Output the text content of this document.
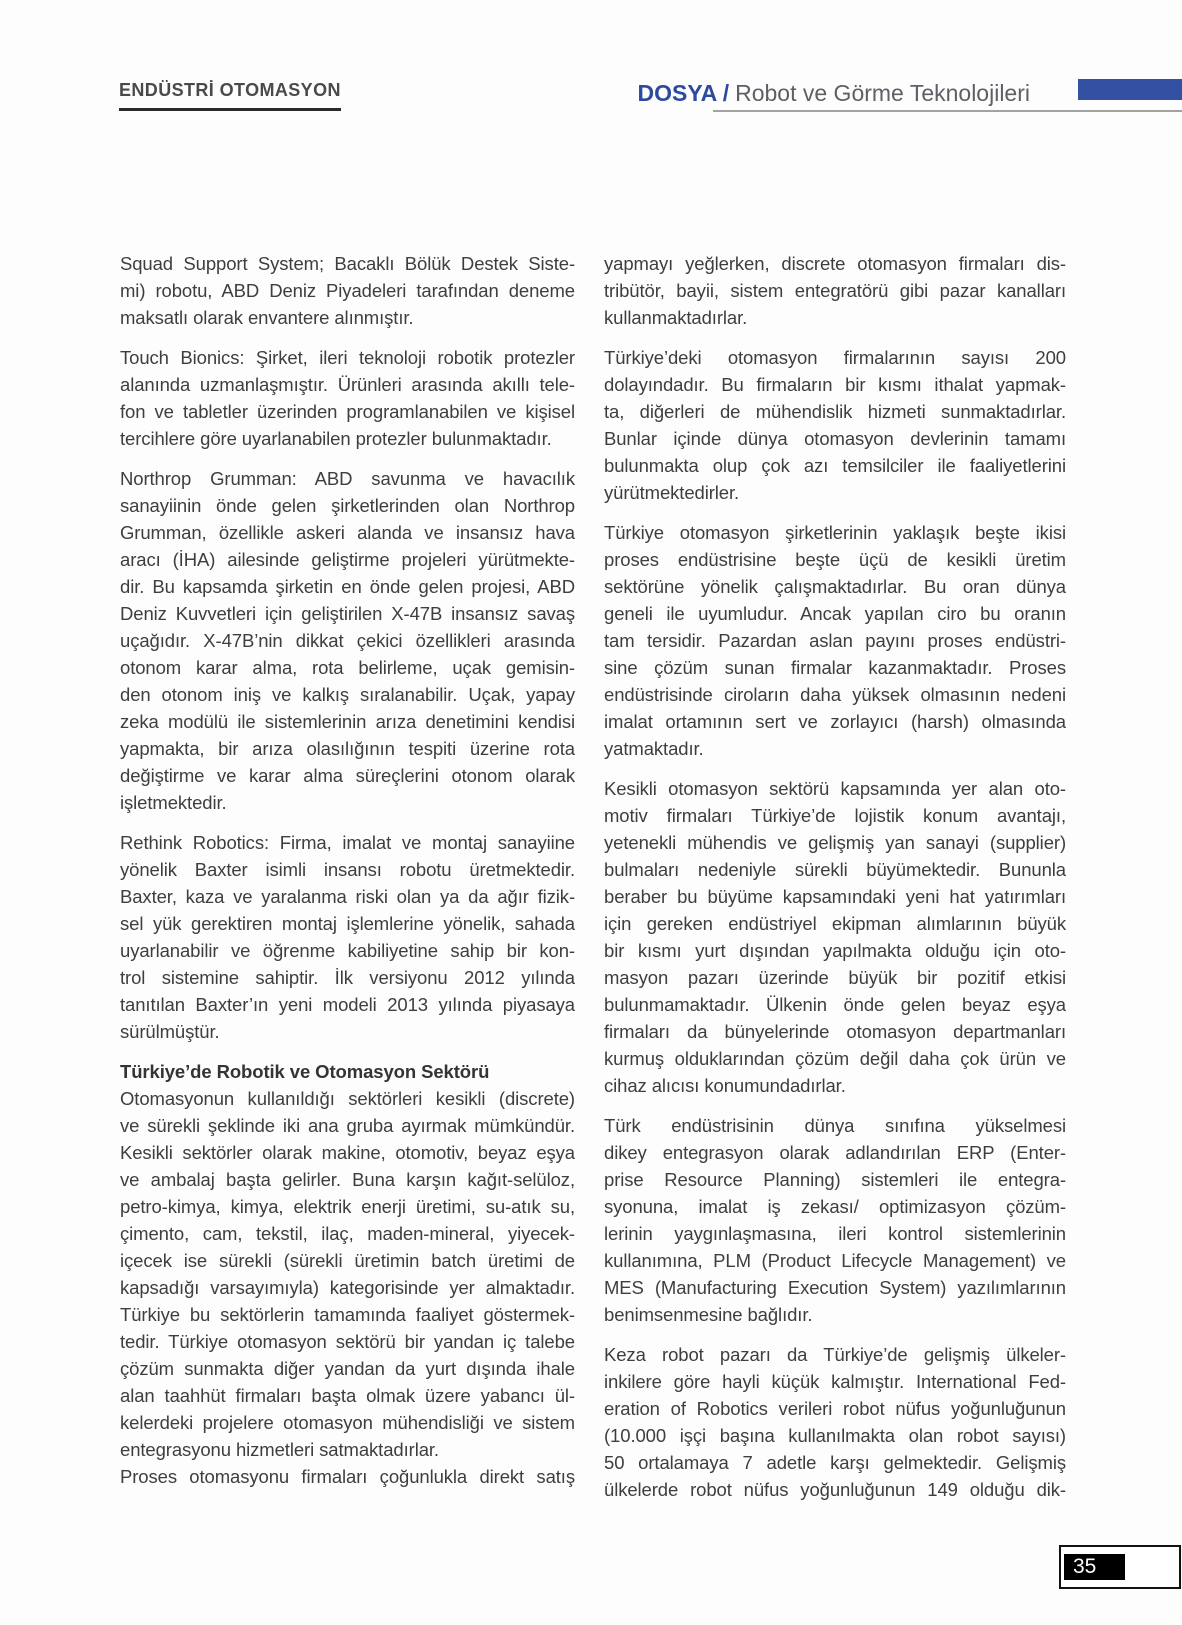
ENDÜSTRİ OTOMASYON	DOSYA / Robot ve Görme Teknolojileri
Squad Support System; Bacaklı Bölük Destek Siste-
mi) robotu, ABD Deniz Piyadeleri tarafından deneme
maksatlı olarak envantere alınmıştır.
Touch Bionics: Şirket, ileri teknoloji robotik protezler
alanında uzmanlaşmıştır. Ürünleri arasında akıllı tele-
fon ve tabletler üzerinden programlanabilen ve kişisel
tercihlere göre uyarlanabilen protezler bulunmaktadır.
Northrop Grumman: ABD savunma ve havacılık
sanayiinin önde gelen şirketlerinden olan Northrop
Grumman, özellikle askeri alanda ve insansız hava
aracı (İHA) ailesinde geliştirme projeleri yürütmekte-
dir. Bu kapsamda şirketin en önde gelen projesi, ABD
Deniz Kuvvetleri için geliştirilen X-47B insansız savaş
uçağıdır. X-47B’nin dikkat çekici özellikleri arasında
otonom karar alma, rota belirleme, uçak gemisin-
den otonom iniş ve kalkış sıralanabilir. Uçak, yapay
zeka modülü ile sistemlerinin arıza denetimini kendisi
yapmakta, bir arıza olasılığının tespiti üzerine rota
değiştirme ve karar alma süreçlerini otonom olarak
işletmektedir.
Rethink Robotics: Firma, imalat ve montaj sanayiine
yönelik Baxter isimli insansı robotu üretmektedir.
Baxter, kaza ve yaralanma riski olan ya da ağır fizik-
sel yük gerektiren montaj işlemlerine yönelik, sahada
uyarlanabilir ve öğrenme kabiliyetine sahip bir kon-
trol sistemine sahiptir. İlk versiyonu 2012 yılında
tanıtılan Baxter’ın yeni modeli 2013 yılında piyasaya
sürülmüştür.
Türkiye’de Robotik ve Otomasyon Sektörü
Otomasyonun kullanıldığı sektörleri kesikli (discrete)
ve sürekli şeklinde iki ana gruba ayırmak mümkündür.
Kesikli sektörler olarak makine, otomotiv, beyaz eşya
ve ambalaj başta gelirler. Buna karşın kağıt-selüloz,
petro-kimya, kimya, elektrik enerji üretimi, su-atık su,
çimento, cam, tekstil, ilaç, maden-mineral, yiyecek-
içecek ise sürekli (sürekli üretimin batch üretimi de
kapsadığı varsayımıyla) kategorisinde yer almaktadır.
Türkiye bu sektörlerin tamamında faaliyet göstermek-
tedir. Türkiye otomasyon sektörü bir yandan iç talebe
çözüm sunmakta diğer yandan da yurt dışında ihale
alan taahhüt firmaları başta olmak üzere yabancı ül-
kelerdeki projelere otomasyon mühendisliği ve sistem
entegrasyonu hizmetleri satmaktadırlar.
Proses otomasyonu firmaları çoğunlukla direkt satış
yapmayı yeğlerken, discrete otomasyon firmaları dis-
tribütör, bayii, sistem entegratörü gibi pazar kanalları
kullanmaktadırlar.
Türkiye’deki otomasyon firmalarının sayısı 200
dolayındadır. Bu firmaların bir kısmı ithalat yapmak-
ta, diğerleri de mühendislik hizmeti sunmaktadırlar.
Bunlar içinde dünya otomasyon devlerinin tamamı
bulunmakta olup çok azı temsilciler ile faaliyetlerini
yürütmektedirler.
Türkiye otomasyon şirketlerinin yaklaşık beşte ikisi
proses endüstrisine beşte üçü de kesikli üretim
sektörüne yönelik çalışmaktadırlar. Bu oran dünya
geneli ile uyumludur. Ancak yapılan ciro bu oranın
tam tersidir. Pazardan aslan payını proses endüstri-
sine çözüm sunan firmalar kazanmaktadır. Proses
endüstrisinde ciroların daha yüksek olmasının nedeni
imalat ortamının sert ve zorlayıcı (harsh) olmasında
yatmaktadır.
Kesikli otomasyon sektörü kapsamında yer alan oto-
motiv firmaları Türkiye’de lojistik konum avantajı,
yetenekli mühendis ve gelişmiş yan sanayi (supplier)
bulmaları nedeniyle sürekli büyümektedir. Bununla
beraber bu büyüme kapsamındaki yeni hat yatırımları
için gereken endüstriyel ekipman alımlarının büyük
bir kısmı yurt dışından yapılmakta olduğu için oto-
masyon pazarı üzerinde büyük bir pozitif etkisi
bulunmamaktadır. Ülkenin önde gelen beyaz eşya
firmaları da bünyelerinde otomasyon departmanları
kurmuş olduklarından çözüm değil daha çok ürün ve
cihaz alıcısı konumundadırlar.
Türk endüstrisinin dünya sınıfına yükselmesi
dikey entegrasyon olarak adlandırılan ERP (Enter-
prise Resource Planning) sistemleri ile entegra-
syonuna, imalat iş zekası/ optimizasyon çözüm-
lerinin yaygınlaşmasına, ileri kontrol sistemlerinin
kullanımına, PLM (Product Lifecycle Management) ve
MES (Manufacturing Execution System) yazılımlarının
benimsenmesine bağlıdır.
Keza robot pazarı da Türkiye’de gelişmiş ülkeler-
inkilere göre hayli küçük kalmıştır. International Fed-
eration of Robotics verileri robot nüfus yoğunluğunun
(10.000 işçi başına kullanılmakta olan robot sayısı)
50 ortalamaya 7 adetle karşı gelmektedir. Gelişmiş
ülkelerde robot nüfus yoğunluğunun 149 olduğu dik-
35
